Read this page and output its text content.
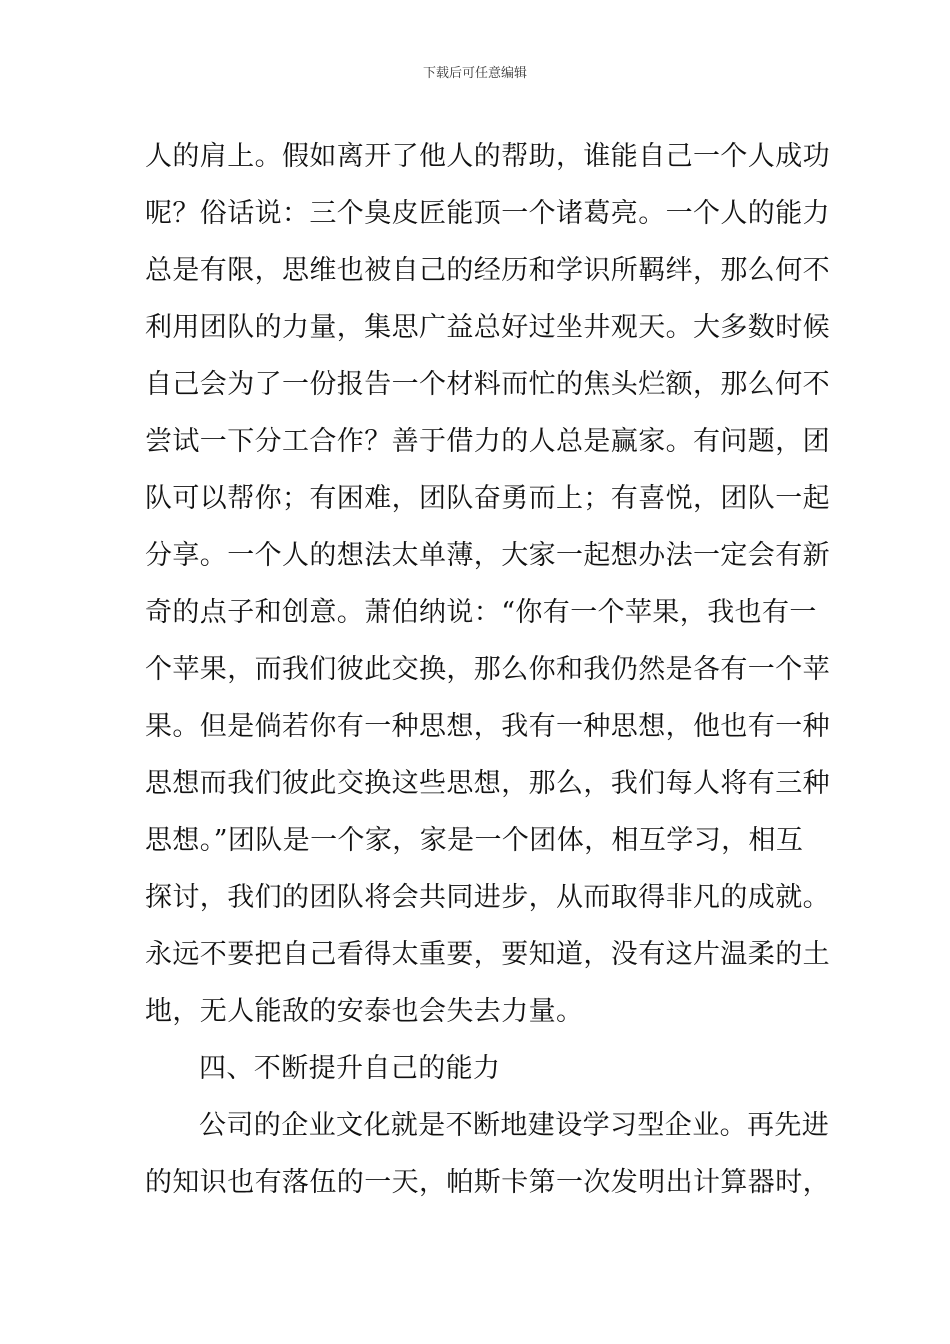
下载后可任意编辑
人的肩上。假如离开了他人的帮助，谁能自己一个人成功
呢？俗话说：三个臭皮匠能顶一个诸葛亮。一个人的能力
总是有限，思维也被自己的经历和学识所羁绊，那么何不
利用团队的力量，集思广益总好过坐井观天。大多数时候
自己会为了一份报告一个材料而忙的焦头烂额，那么何不
尝试一下分工合作？善于借力的人总是赢家。有问题，团
队可以帮你；有困难，团队奋勇而上；有喜悦，团队一起
分享。一个人的想法太单薄，大家一起想办法一定会有新
奇的点子和创意。萧伯纳说：“你有一个苹果，我也有一
个苹果，而我们彼此交换，那么你和我仍然是各有一个苹
果。但是倘若你有一种思想，我有一种思想，他也有一种
思想而我们彼此交换这些思想，那么，我们每人将有三种
思想。”团队是一个家，家是一个团体，相互学习，相互
探讨，我们的团队将会共同进步，从而取得非凡的成就。
永远不要把自己看得太重要，要知道，没有这片温柔的土
地，无人能敌的安泰也会失去力量。
四、不断提升自己的能力
公司的企业文化就是不断地建设学习型企业。再先进
的知识也有落伍的一天，帕斯卡第一次发明出计算器时，
